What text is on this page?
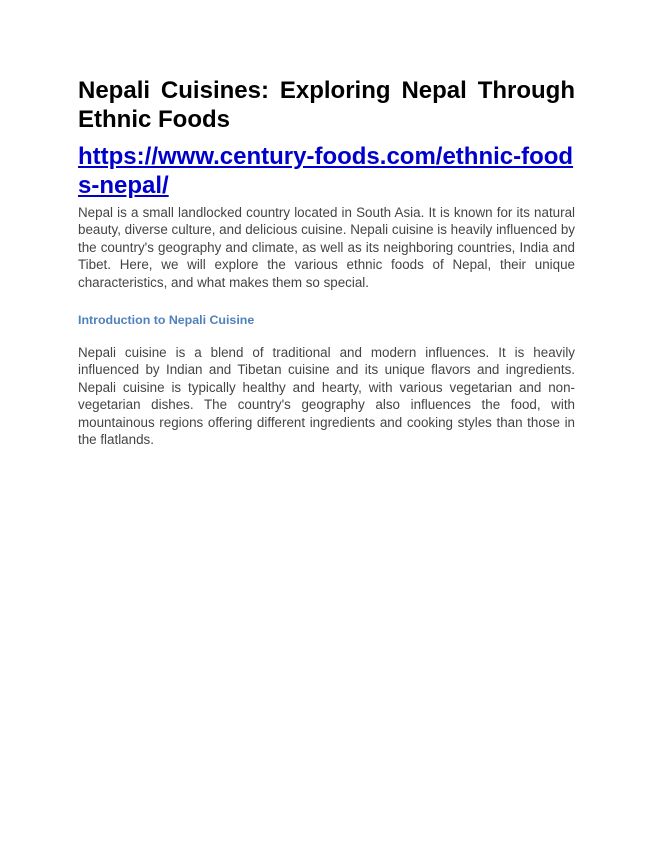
Nepali Cuisines: Exploring Nepal Through Ethnic Foods
https://www.century-foods.com/ethnic-foods-nepal/

Nepal is a small landlocked country located in South Asia. It is known for its natural beauty, diverse culture, and delicious cuisine. Nepali cuisine is heavily influenced by the country's geography and climate, as well as its neighboring countries, India and Tibet. Here, we will explore the various ethnic foods of Nepal, their unique characteristics, and what makes them so special.

Introduction to Nepali Cuisine

Nepali cuisine is a blend of traditional and modern influences. It is heavily influenced by Indian and Tibetan cuisine and its unique flavors and ingredients. Nepali cuisine is typically healthy and hearty, with various vegetarian and non-vegetarian dishes. The country's geography also influences the food, with mountainous regions offering different ingredients and cooking styles than those in the flatlands.
